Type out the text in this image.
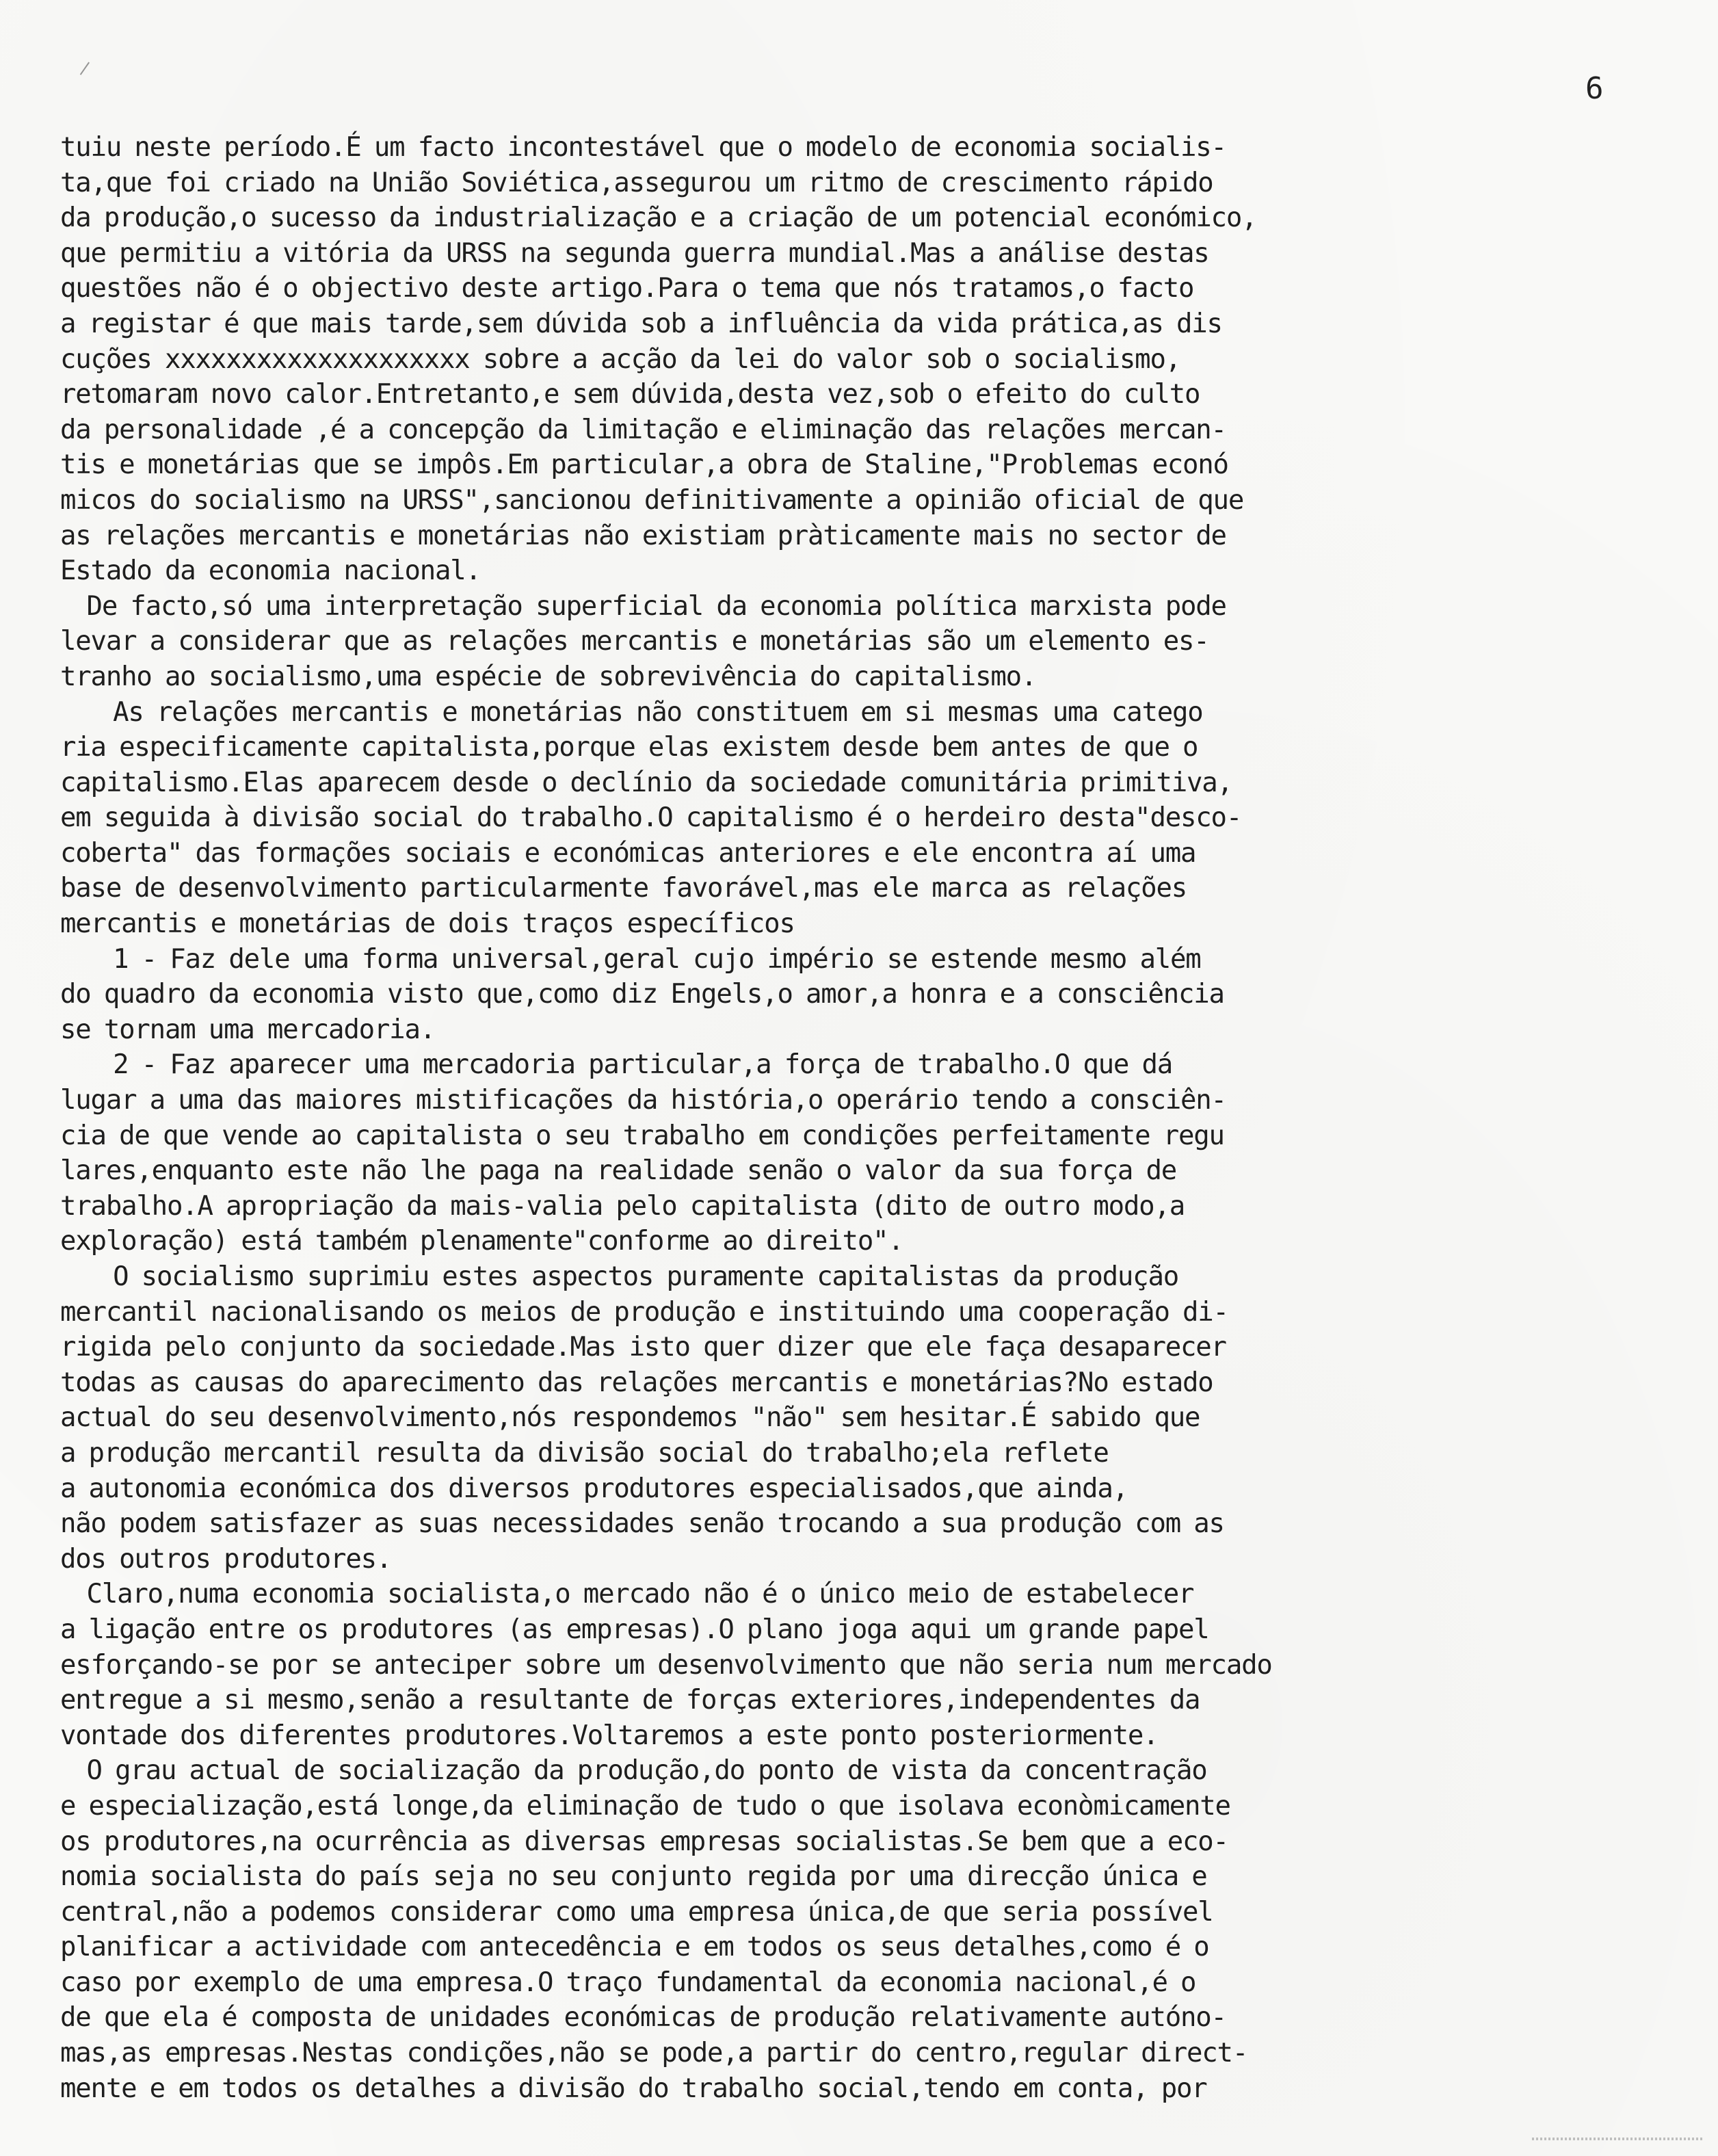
6
tuiu neste período.É um facto incontestável que o modelo de economia socialis-
ta,que foi criado na União Soviética,assegurou um ritmo de crescimento rápido
da produção,o sucesso da industrialização e a criação de um potencial económico,
que permitiu a vitória da URSS na segunda guerra mundial.Mas a análise destas
questões não é o objectivo deste artigo.Para o tema que nós tratamos,o facto
a registar é que mais tarde,sem dúvida sob a influência da vida prática,as dis
cuções xxxxxxxxxxxxxxxxxxxx sobre a acção da lei do valor sob o socialismo,
retomaram novo calor.Entretanto,e sem dúvida,desta vez,sob o efeito do culto
da personalidade ,é a concepção da limitação e eliminação das relações mercan-
tis e monetárias que se impôs.Em particular,a obra de Staline,"Problemas econó
micos do socialismo na URSS",sancionou definitivamente a opinião oficial de que
as relações mercantis e monetárias não existiam pràticamente mais no sector de
Estado da economia nacional.
De facto,só uma interpretação superficial da economia política marxista pode
levar a considerar que as relações mercantis e monetárias são um elemento es-
tranho ao socialismo,uma espécie de sobrevivência do capitalismo.
As relações mercantis e monetárias não constituem em si mesmas uma catego
ria especificamente capitalista,porque elas existem desde bem antes de que o
capitalismo.Elas aparecem desde o declínio da sociedade comunitária primitiva,
em seguida à divisão social do trabalho.O capitalismo é o herdeiro desta"desco-
coberta" das formações sociais e económicas anteriores e ele encontra aí uma
base de desenvolvimento particularmente favorável,mas ele marca as relações
mercantis e monetárias de dois traços específicos
1 - Faz dele uma forma universal,geral cujo império se estende mesmo além
do quadro da economia visto que,como diz Engels,o amor,a honra e a consciência
se tornam uma mercadoria.
2 - Faz aparecer uma mercadoria particular,a força de trabalho.O que dá
lugar a uma das maiores mistificações da história,o operário tendo a consciên-
cia de que vende ao capitalista o seu trabalho em condições perfeitamente regu
lares,enquanto este não lhe paga na realidade senão o valor da sua força de
trabalho.A apropriação da mais-valia pelo capitalista (dito de outro modo,a
exploração) está também plenamente"conforme ao direito".
O socialismo suprimiu estes aspectos puramente capitalistas da produção
mercantil nacionalisando os meios de produção e instituindo uma cooperação di-
rigida pelo conjunto da sociedade.Mas isto quer dizer que ele faça desaparecer
todas as causas do aparecimento das relações mercantis e monetárias?No estado
actual do seu desenvolvimento,nós respondemos "não" sem hesitar.É sabido que
a produção mercantil resulta da divisão social do trabalho;ela reflete
a autonomia económica dos diversos produtores especialisados,que ainda,
não podem satisfazer as suas necessidades senão trocando a sua produção com as
dos outros produtores.
Claro,numa economia socialista,o mercado não é o único meio de estabelecer
a ligação entre os produtores (as empresas).O plano joga aqui um grande papel
esforçando-se por se anteciper sobre um desenvolvimento que não seria num mercado
entregue a si mesmo,senão a resultante de forças exteriores,independentes da
vontade dos diferentes produtores.Voltaremos a este ponto posteriormente.
O grau actual de socialização da produção,do ponto de vista da concentração
e especialização,está longe,da eliminação de tudo o que isolava econòmicamente
os produtores,na ocurrência as diversas empresas socialistas.Se bem que a eco-
nomia socialista do país seja no seu conjunto regida por uma direcção única e
central,não a podemos considerar como uma empresa única,de que seria possível
planificar a actividade com antecedência e em todos os seus detalhes,como é o
caso por exemplo de uma empresa.O traço fundamental da economia nacional,é o
de que ela é composta de unidades económicas de produção relativamente autóno-
mas,as empresas.Nestas condições,não se pode,a partir do centro,regular direct-
mente e em todos os detalhes a divisão do trabalho social,tendo em conta, por
